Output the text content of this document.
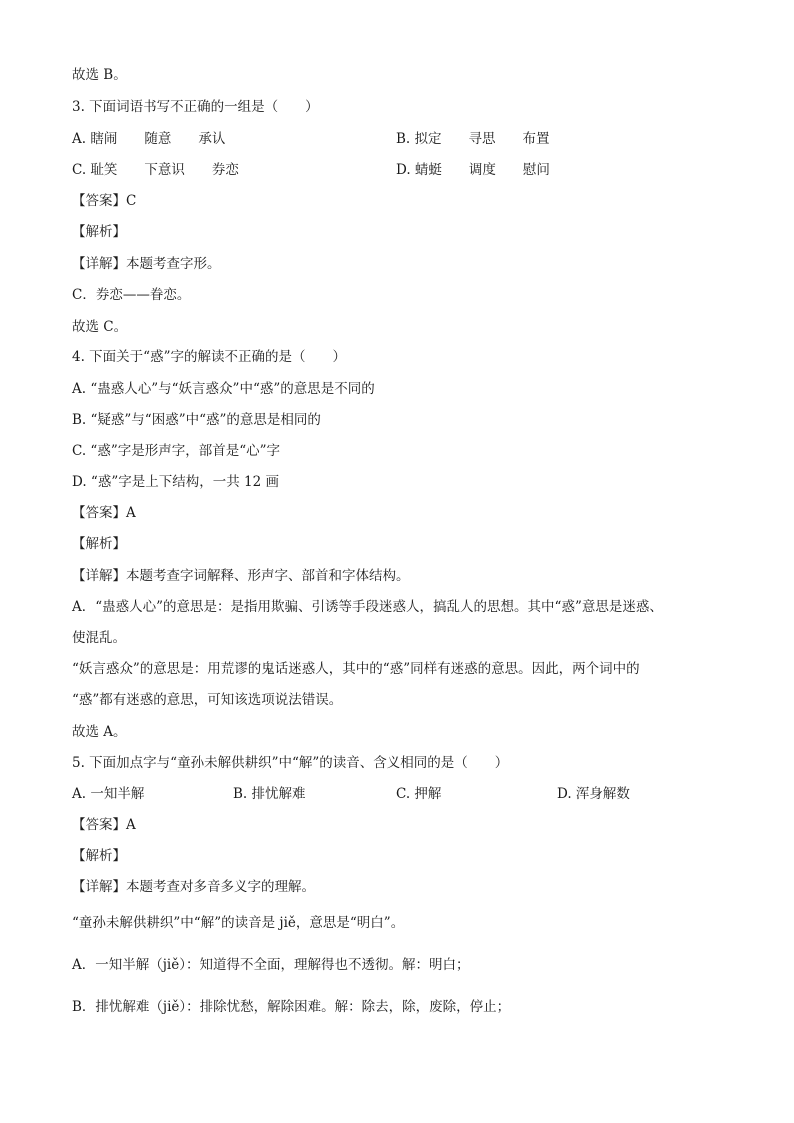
故选 B。
3. 下面词语书写不正确的一组是（　　）
A. 瞎闹　　随意　　承认	B. 拟定　　寻思　　布置
C. 耻笑　　下意识　　券恋	D. 蜻蜓　　调度　　慰问
【答案】C
【解析】
【详解】本题考查字形。
C．券恋——眷恋。
故选 C。
4. 下面关于“惑”字的解读不正确的是（　　）
A. “蛊惑人心”与“妖言惑众”中“惑”的意思是不同的
B. “疑惑”与“困惑”中“惑”的意思是相同的
C. “惑”字是形声字，部首是“心”字
D. “惑”字是上下结构，一共 12 画
【答案】A
【解析】
【详解】本题考查字词解释、形声字、部首和字体结构。
A．“蛊惑人心”的意思是：是指用欺骗、引诱等手段迷惑人，搞乱人的思想。其中“惑”意思是迷惑、
使混乱。
“妖言惑众”的意思是：用荒谬的鬼话迷惑人，其中的“惑”同样有迷惑的意思。因此，两个词中的
“惑”都有迷惑的意思，可知该选项说法错误。
故选 A。
5. 下面加点字与“童孙未解供耕织”中“解”的读音、含义相同的是（　　）
A. 一知半解	B. 排忧解难	C. 押解	D. 浑身解数
【答案】A
【解析】
【详解】本题考查对多音多义字的理解。
“童孙未解供耕织”中“解”的读音是 jiě，意思是“明白”。
A．一知半解（jiě）：知道得不全面，理解得也不透彻。解：明白；
B．排忧解难（jiě）：排除忧愁，解除困难。解：除去，除，废除，停止；
